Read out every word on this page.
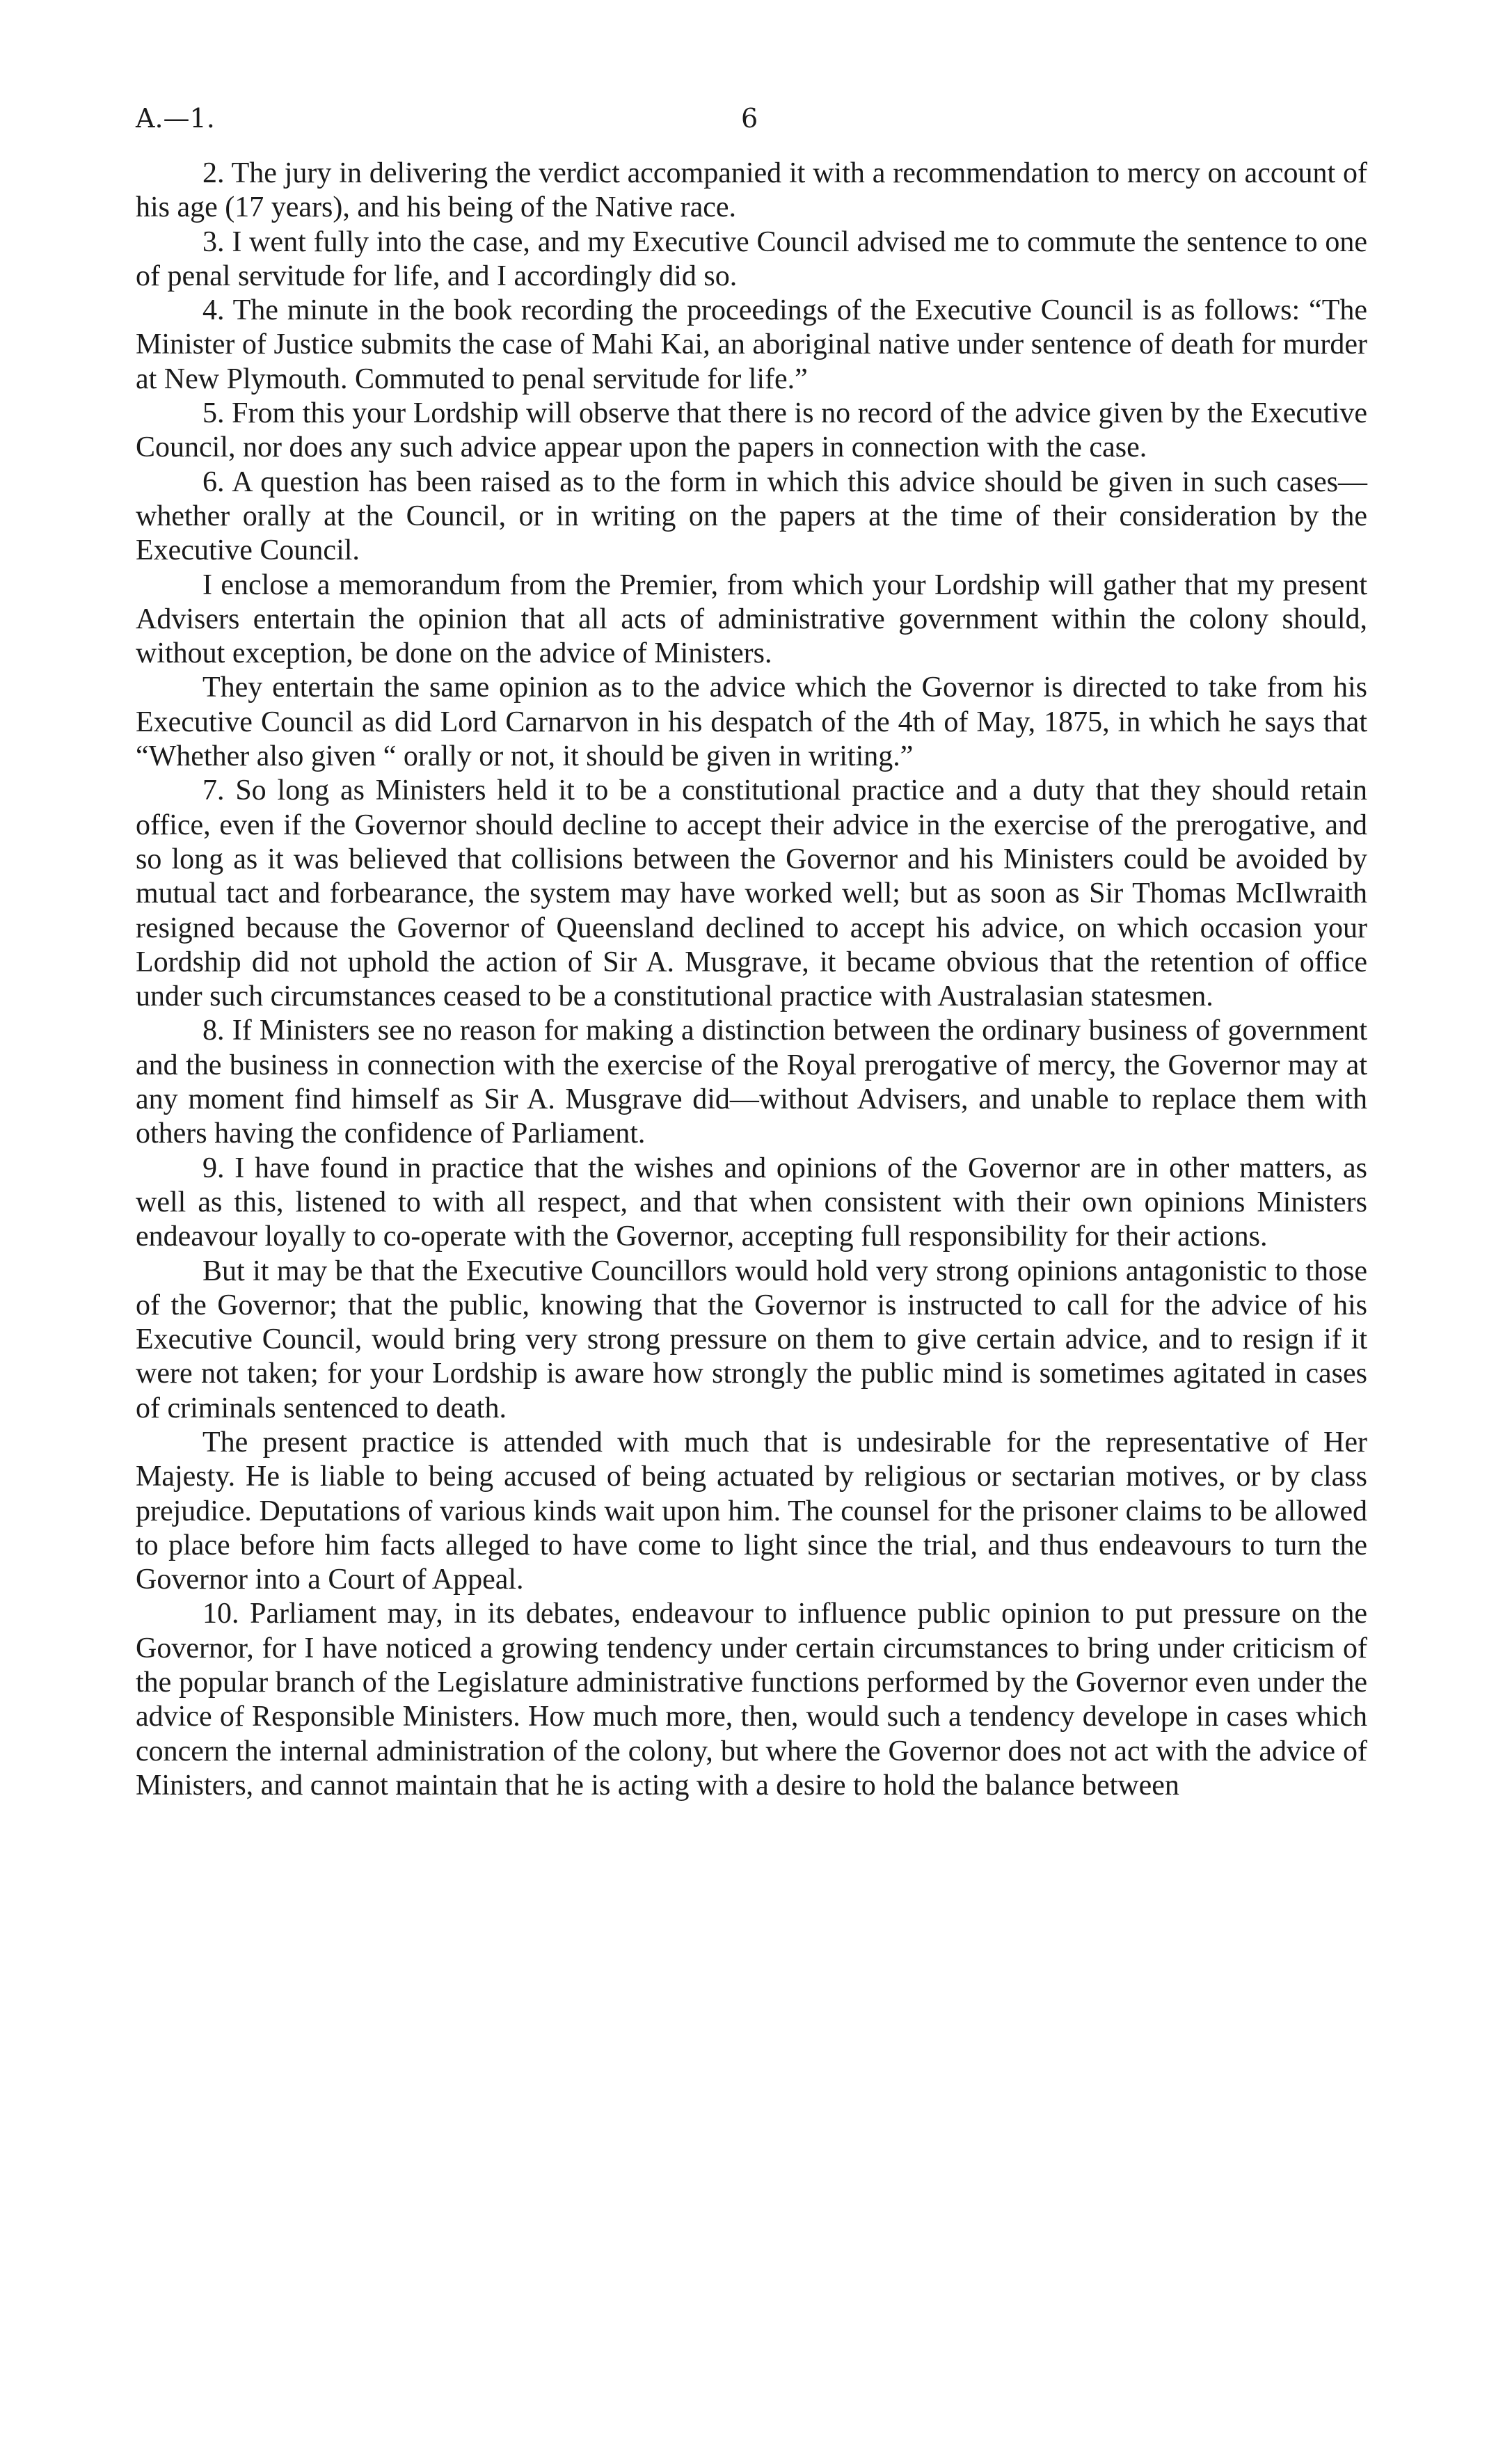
A.—1.	6

2. The jury in delivering the verdict accompanied it with a recommendation to mercy on account of his age (17 years), and his being of the Native race.

3. I went fully into the case, and my Executive Council advised me to commute the sentence to one of penal servitude for life, and I accordingly did so.

4. The minute in the book recording the proceedings of the Executive Council is as follows: “The Minister of Justice submits the case of Mahi Kai, an aboriginal native under sentence of death for murder at New Plymouth. Commuted to penal servitude for life.”

5. From this your Lordship will observe that there is no record of the advice given by the Executive Council, nor does any such advice appear upon the papers in connection with the case.

6. A question has been raised as to the form in which this advice should be given in such cases—whether orally at the Council, or in writing on the papers at the time of their consideration by the Executive Council.

I enclose a memorandum from the Premier, from which your Lordship will gather that my present Advisers entertain the opinion that all acts of administrative government within the colony should, without exception, be done on the advice of Ministers.

They entertain the same opinion as to the advice which the Governor is directed to take from his Executive Council as did Lord Carnarvon in his despatch of the 4th of May, 1875, in which he says that “Whether also given “ orally or not, it should be given in writing.”

7. So long as Ministers held it to be a constitutional practice and a duty that they should retain office, even if the Governor should decline to accept their advice in the exercise of the prerogative, and so long as it was believed that collisions between the Governor and his Ministers could be avoided by mutual tact and forbearance, the system may have worked well; but as soon as Sir Thomas McIlwraith resigned because the Governor of Queensland declined to accept his advice, on which occasion your Lordship did not uphold the action of Sir A. Musgrave, it became obvious that the retention of office under such circumstances ceased to be a constitutional practice with Australasian statesmen.

8. If Ministers see no reason for making a distinction between the ordinary business of government and the business in connection with the exercise of the Royal prerogative of mercy, the Governor may at any moment find himself as Sir A. Musgrave did—without Advisers, and unable to replace them with others having the confidence of Parliament.

9. I have found in practice that the wishes and opinions of the Governor are in other matters, as well as this, listened to with all respect, and that when consistent with their own opinions Ministers endeavour loyally to co-operate with the Governor, accepting full responsibility for their actions.

But it may be that the Executive Councillors would hold very strong opinions antagonistic to those of the Governor; that the public, knowing that the Governor is instructed to call for the advice of his Executive Council, would bring very strong pressure on them to give certain advice, and to resign if it were not taken; for your Lordship is aware how strongly the public mind is sometimes agitated in cases of criminals sentenced to death.

The present practice is attended with much that is undesirable for the representative of Her Majesty. He is liable to being accused of being actuated by religious or sectarian motives, or by class prejudice. Deputations of various kinds wait upon him. The counsel for the prisoner claims to be allowed to place before him facts alleged to have come to light since the trial, and thus endeavours to turn the Governor into a Court of Appeal.

10. Parliament may, in its debates, endeavour to influence public opinion to put pressure on the Governor, for I have noticed a growing tendency under certain circumstances to bring under criticism of the popular branch of the Legislature administrative functions performed by the Governor even under the advice of Responsible Ministers. How much more, then, would such a tendency develope in cases which concern the internal administration of the colony, but where the Governor does not act with the advice of Ministers, and cannot maintain that he is acting with a desire to hold the balance between
